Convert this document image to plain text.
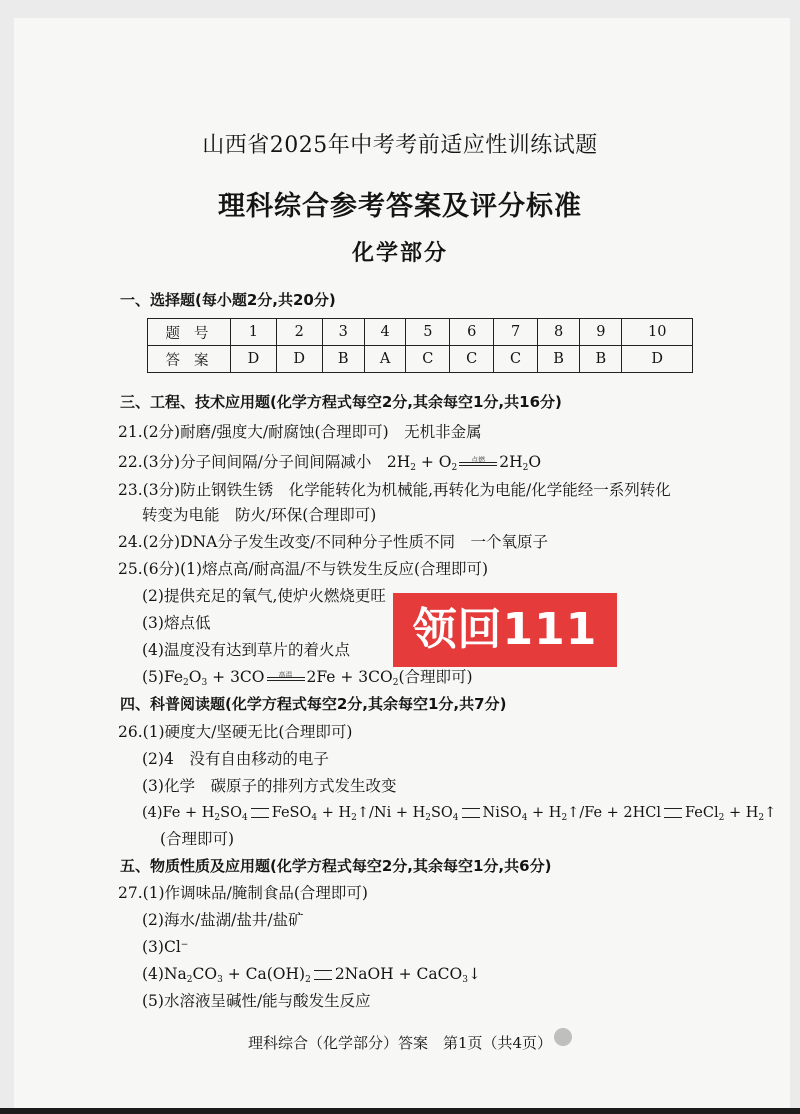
山西省2025年中考考前适应性训练试题
理科综合参考答案及评分标准
化学部分
一、选择题(每小题2分,共20分)
题号	1	2	3	4	5	6	7	8	9	10
答案	D	D	B	A	C	C	C	B	B	D
三、工程、技术应用题(化学方程式每空2分,其余每空1分,共16分)
21.(2分)耐磨/强度大/耐腐蚀(合理即可)　无机非金属
22.(3分)分子间间隔/分子间间隔减小　$2H_2 + O_2$
点燃 $2H_2O$
23.(3分)防止钢铁生锈　化学能转化为机械能,再转化为电能/化学能经一系列转化
转变为电能　防火/环保(合理即可)
24.(2分)DNA分子发生改变/不同种分子性质不同　一个氧原子
25.(6分)(1)熔点高/耐高温/不与铁发生反应(合理即可)
(2)提供充足的氧气,使炉火燃烧更旺
(3)熔点低
(4)温度没有达到草片的着火点
$(5)Fe_2O_3 + 3CO$	高温 $2Fe + 3CO_2$(合理即可)
四、科普阅读题(化学方程式每空2分,其余每空1分,共7分)
26.(1)硬度大/坚硬无比(合理即可)
(2)4　没有自由移动的电子
(3)化学　碳原子的排列方式发生改变
$(4)Fe + H_2SO_4$ FeSO$_4$ + $H_2↑/Ni + H_2SO_4$ NiSO$_4$ + $H_2↑/Fe + 2HCl$ FeCl$_2$ + $H_2↑$
(合理即可)
五、物质性质及应用题(化学方程式每空2分,其余每空1分,共6分)
27.(1)作调味品/腌制食品(合理即可)
(2)海水/盐湖/盐井/盐矿
(3)Cl−
$(4)Na_2CO_3 + Ca(OH)_2$ 2NaOH + CaCO$_3$↓
(5)水溶液呈碱性/能与酸发生反应
领回111
理科综合（化学部分）答案　第1页（共4页）
